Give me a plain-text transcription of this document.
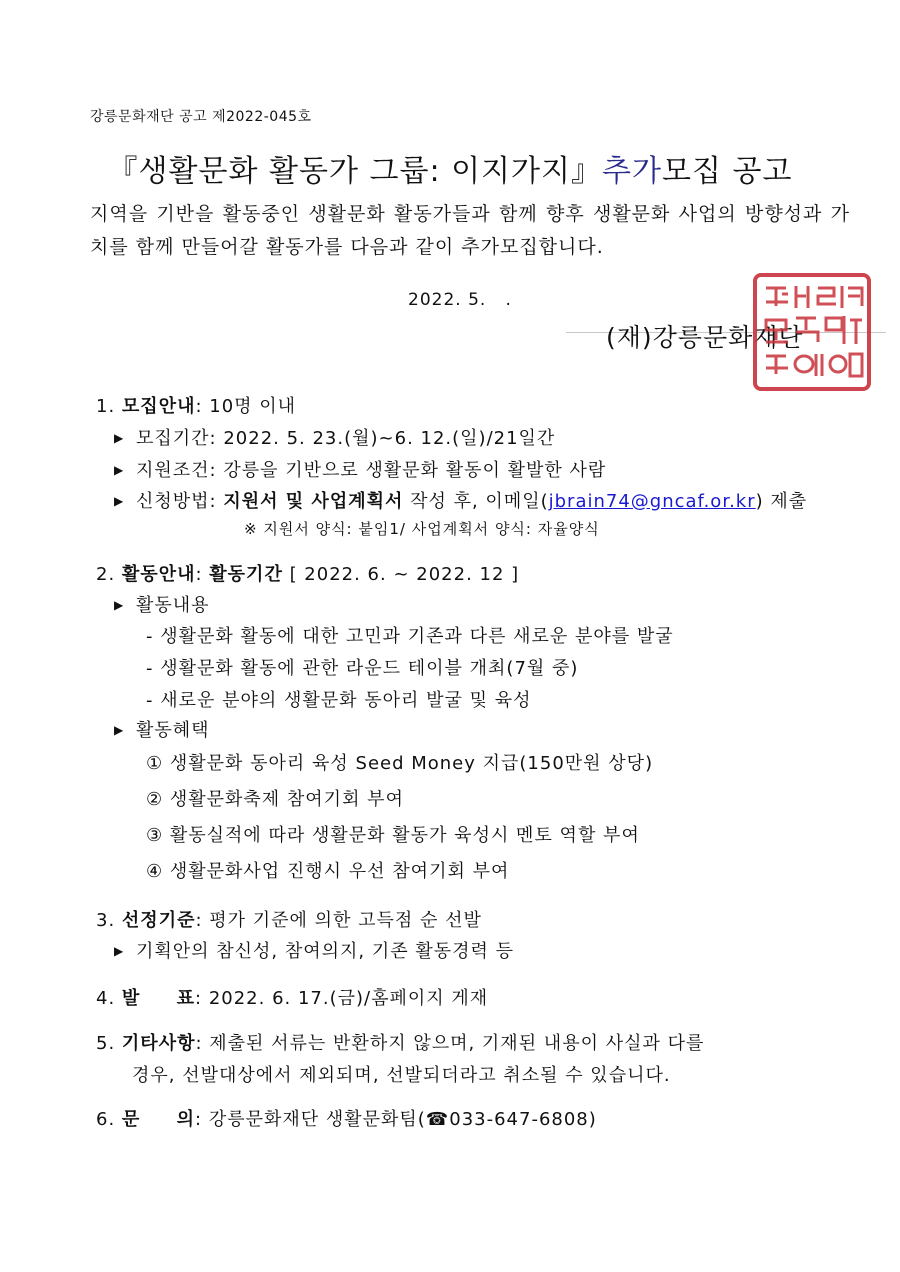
강릉문화재단 공고 제2022-045호
『생활문화 활동가 그룹: 이지가지』추가모집 공고

지역을 기반을 활동중인 생활문화 활동가들과 함께 향후 생활문화 사업의 방향성과 가치를 함께 만들어갈 활동가를 다음과 같이 추가모집합니다.

2022. 5.   .
(재)강릉문화재단
1. 모집안내: 10명 이내
▶ 모집기간: 2022. 5. 23.(월)~6. 12.(일)/21일간
▶ 지원조건: 강릉을 기반으로 생활문화 활동이 활발한 사람
▶ 신청방법: 지원서 및 사업계획서 작성 후, 이메일(jbrain74@gncaf.or.kr) 제출
※ 지원서 양식: 붙임1/ 사업계획서 양식: 자율양식
2. 활동안내: 활동기간 [ 2022. 6. ~ 2022. 12 ]
▶ 활동내용
- 생활문화 활동에 대한 고민과 기존과 다른 새로운 분야를 발굴
- 생활문화 활동에 관한 라운드 테이블 개최(7월 중)
- 새로운 분야의 생활문화 동아리 발굴 및 육성
▶ 활동혜택
① 생활문화 동아리 육성 Seed Money 지급(150만원 상당)
② 생활문화축제 참여기회 부여
③ 활동실적에 따라 생활문화 활동가 육성시 멘토 역할 부여
④ 생활문화사업 진행시 우선 참여기회 부여
3. 선정기준: 평가 기준에 의한 고득점 순 선발
▶ 기획안의 참신성, 참여의지, 기존 활동경력 등
4. 발     표: 2022. 6. 17.(금)/홈페이지 게재
5. 기타사항: 제출된 서류는 반환하지 않으며, 기재된 내용이 사실과 다를
경우, 선발대상에서 제외되며, 선발되더라고 취소될 수 있습니다.
6. 문     의: 강릉문화재단 생활문화팀(☎033-647-6808)
